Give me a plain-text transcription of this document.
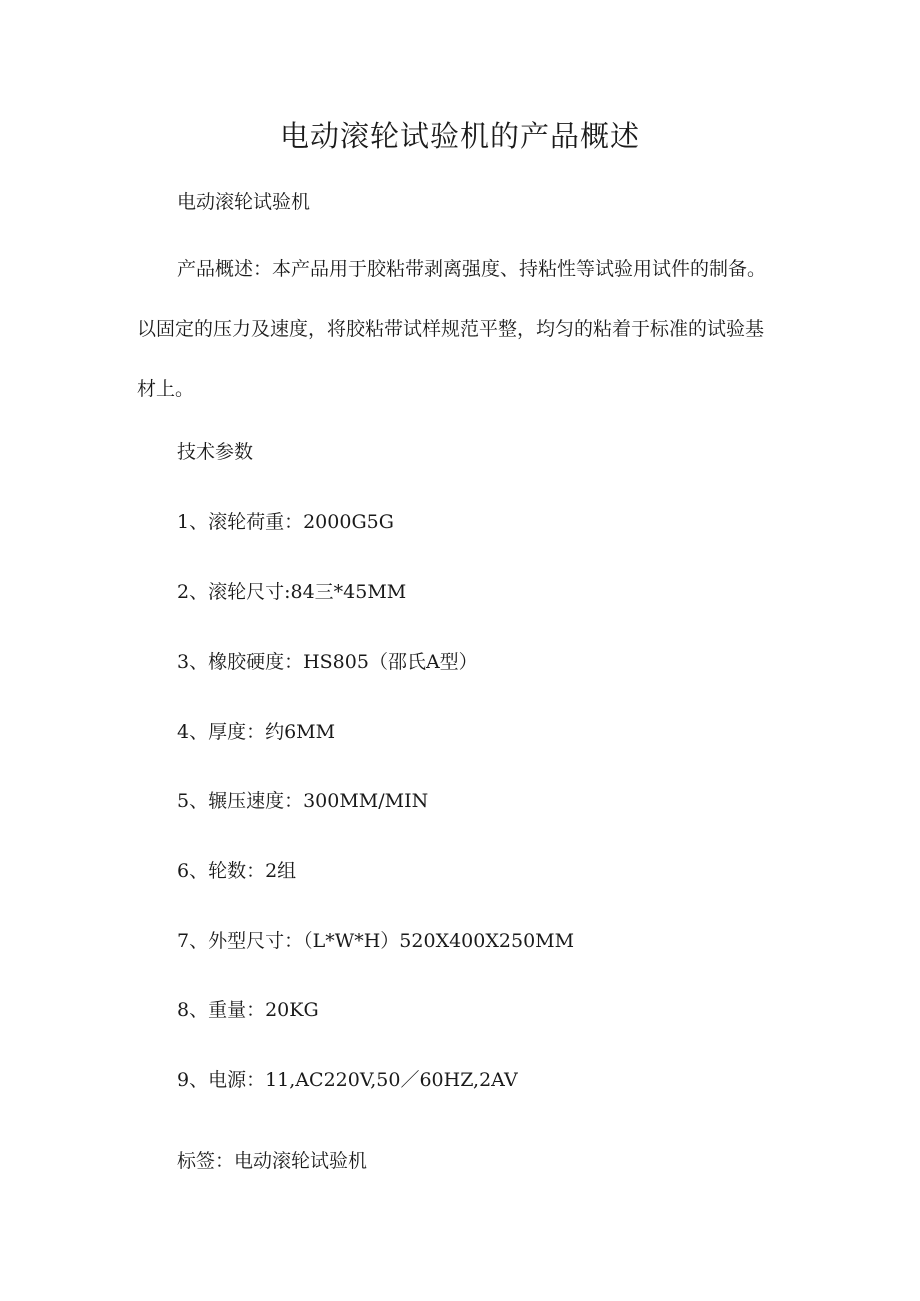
电动滚轮试验机的产品概述

电动滚轮试验机

产品概述：本产品用于胶粘带剥离强度、持粘性等试验用试件的制备。
以固定的压力及速度，将胶粘带试样规范平整，均匀的粘着于标准的试验基
材上。

技术参数

1、滚轮荷重：2000G5G

2、滚轮尺寸:84三*45MM

3、橡胶硬度：HS805（邵氏A型）

4、厚度：约6MM

5、辗压速度：300MM/MIN

6、轮数：2组

7、外型尺寸：（L*W*H）520X400X250MM

8、重量：20KG

9、电源：11,AC220V,50／60HZ,2AV

标签：电动滚轮试验机
